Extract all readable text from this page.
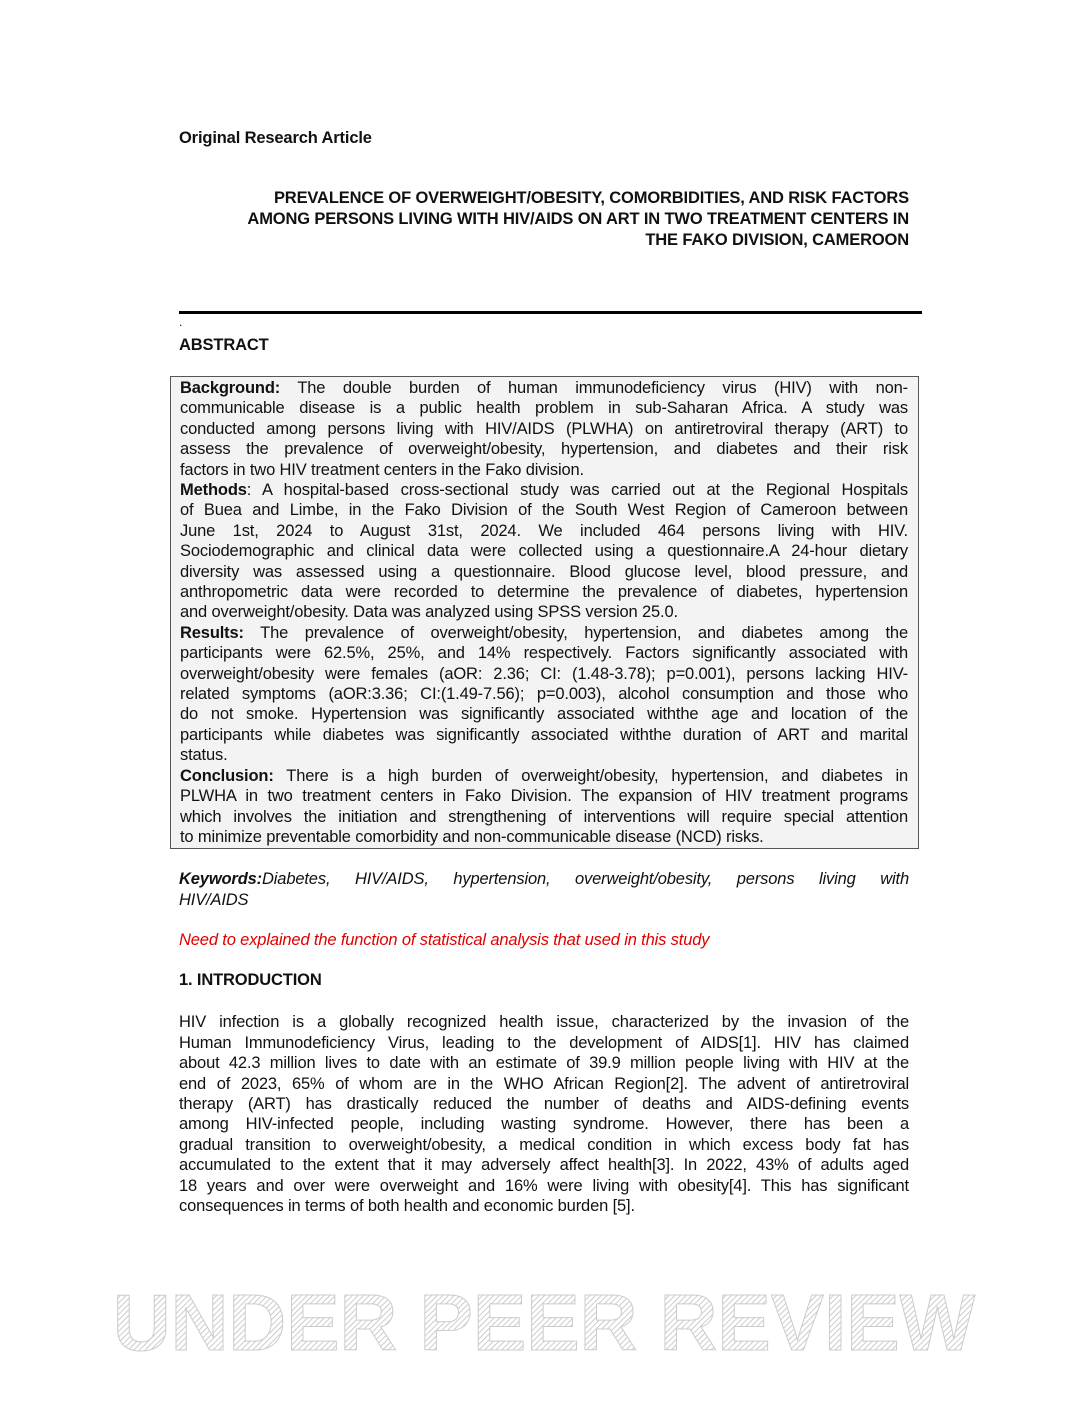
UNDER PEER REVIEW
Original Research Article
PREVALENCE OF OVERWEIGHT/OBESITY, COMORBIDITIES, AND RISK FACTORS
AMONG PERSONS LIVING WITH HIV/AIDS ON ART IN TWO TREATMENT CENTERS IN
THE FAKO DIVISION, CAMEROON
.
ABSTRACT
Background: The double burden of human immunodeficiency virus (HIV) with non-
communicable disease is a public health problem in sub-Saharan Africa. A study was
conducted among persons living with HIV/AIDS (PLWHA) on antiretroviral therapy (ART) to
assess the prevalence of overweight/obesity, hypertension, and diabetes and their risk
factors in two HIV treatment centers in the Fako division.
Methods: A hospital-based cross-sectional study was carried out at the Regional Hospitals
of Buea and Limbe, in the Fako Division of the South West Region of Cameroon between
June 1st, 2024 to August 31st, 2024. We included 464 persons living with HIV.
Sociodemographic and clinical data were collected using a questionnaire.A 24-hour dietary
diversity was assessed using a questionnaire. Blood glucose level, blood pressure, and
anthropometric data were recorded to determine the prevalence of diabetes, hypertension
and overweight/obesity. Data was analyzed using SPSS version 25.0.
Results: The prevalence of overweight/obesity, hypertension, and diabetes among the
participants were 62.5%, 25%, and 14% respectively. Factors significantly associated with
overweight/obesity were females (aOR: 2.36; CI: (1.48-3.78); p=0.001), persons lacking HIV-
related symptoms (aOR:3.36; CI:(1.49-7.56); p=0.003), alcohol consumption and those who
do not smoke. Hypertension was significantly associated withthe age and location of the
participants while diabetes was significantly associated withthe duration of ART and marital
status.
Conclusion: There is a high burden of overweight/obesity, hypertension, and diabetes in
PLWHA in two treatment centers in Fako Division. The expansion of HIV treatment programs
which involves the initiation and strengthening of interventions will require special attention
to minimize preventable comorbidity and non-communicable disease (NCD) risks.
Keywords:Diabetes, HIV/AIDS, hypertension, overweight/obesity, persons living with
HIV/AIDS
Need to explained the function of statistical analysis that used in this study
1. INTRODUCTION
HIV infection is a globally recognized health issue, characterized by the invasion of the
Human Immunodeficiency Virus, leading to the development of AIDS[1]. HIV has claimed
about 42.3 million lives to date with an estimate of 39.9 million people living with HIV at the
end of 2023, 65% of whom are in the WHO African Region[2]. The advent of antiretroviral
therapy (ART) has drastically reduced the number of deaths and AIDS-defining events
among HIV-infected people, including wasting syndrome. However, there has been a
gradual transition to overweight/obesity, a medical condition in which excess body fat has
accumulated to the extent that it may adversely affect health[3]. In 2022, 43% of adults aged
18 years and over were overweight and 16% were living with obesity[4]. This has significant
consequences in terms of both health and economic burden [5].
